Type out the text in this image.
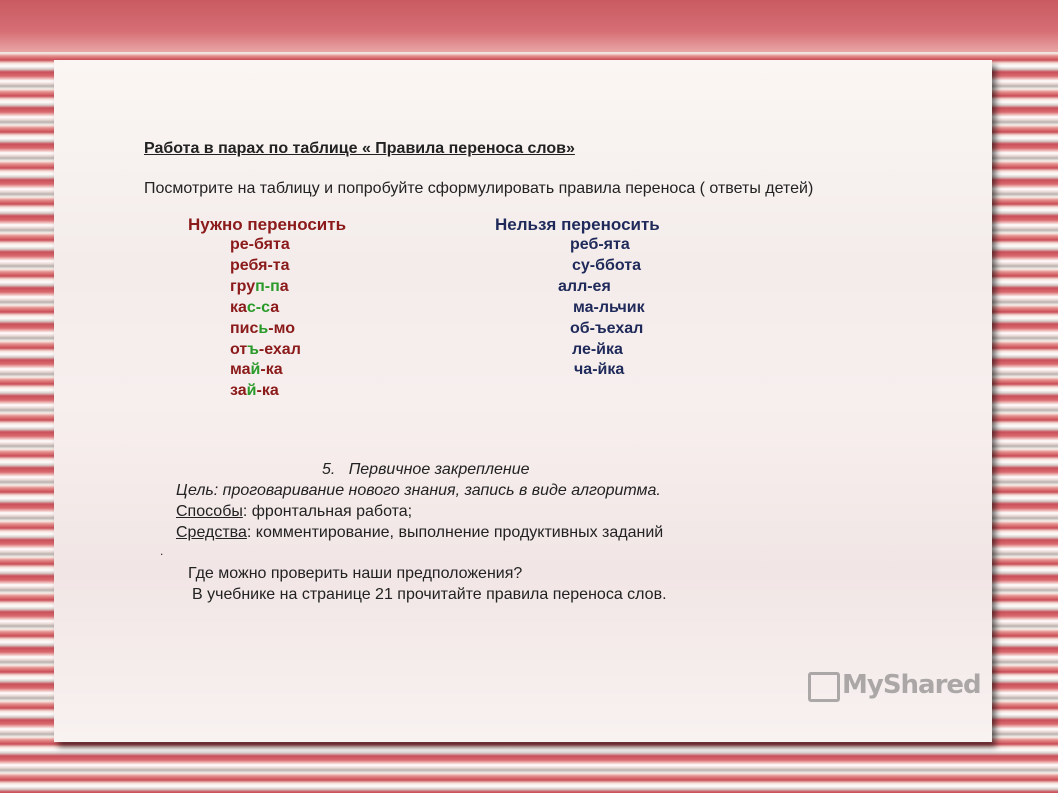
Работа в парах по таблице « Правила переноса слов»
Посмотрите на таблицу и попробуйте сформулировать правила переноса ( ответы детей)
Нужно переносить	Нельзя переносить
ре-бята
ребя-та
груп-па
кас-са
пись-мо
отъ-ехал
май-ка
зай-ка
реб-ята
су-ббота
алл-ея
ма-льчик
об-ъехал
ле-йка
ча-йка
5. Первичное закрепление
Цель: проговаривание нового знания, запись в виде алгоритма.
Способы: фронтальная работа;
Средства: комментирование, выполнение продуктивных заданий
.
Где можно проверить наши предположения?
В учебнике на странице 21 прочитайте правила переноса слов.
MyShared
